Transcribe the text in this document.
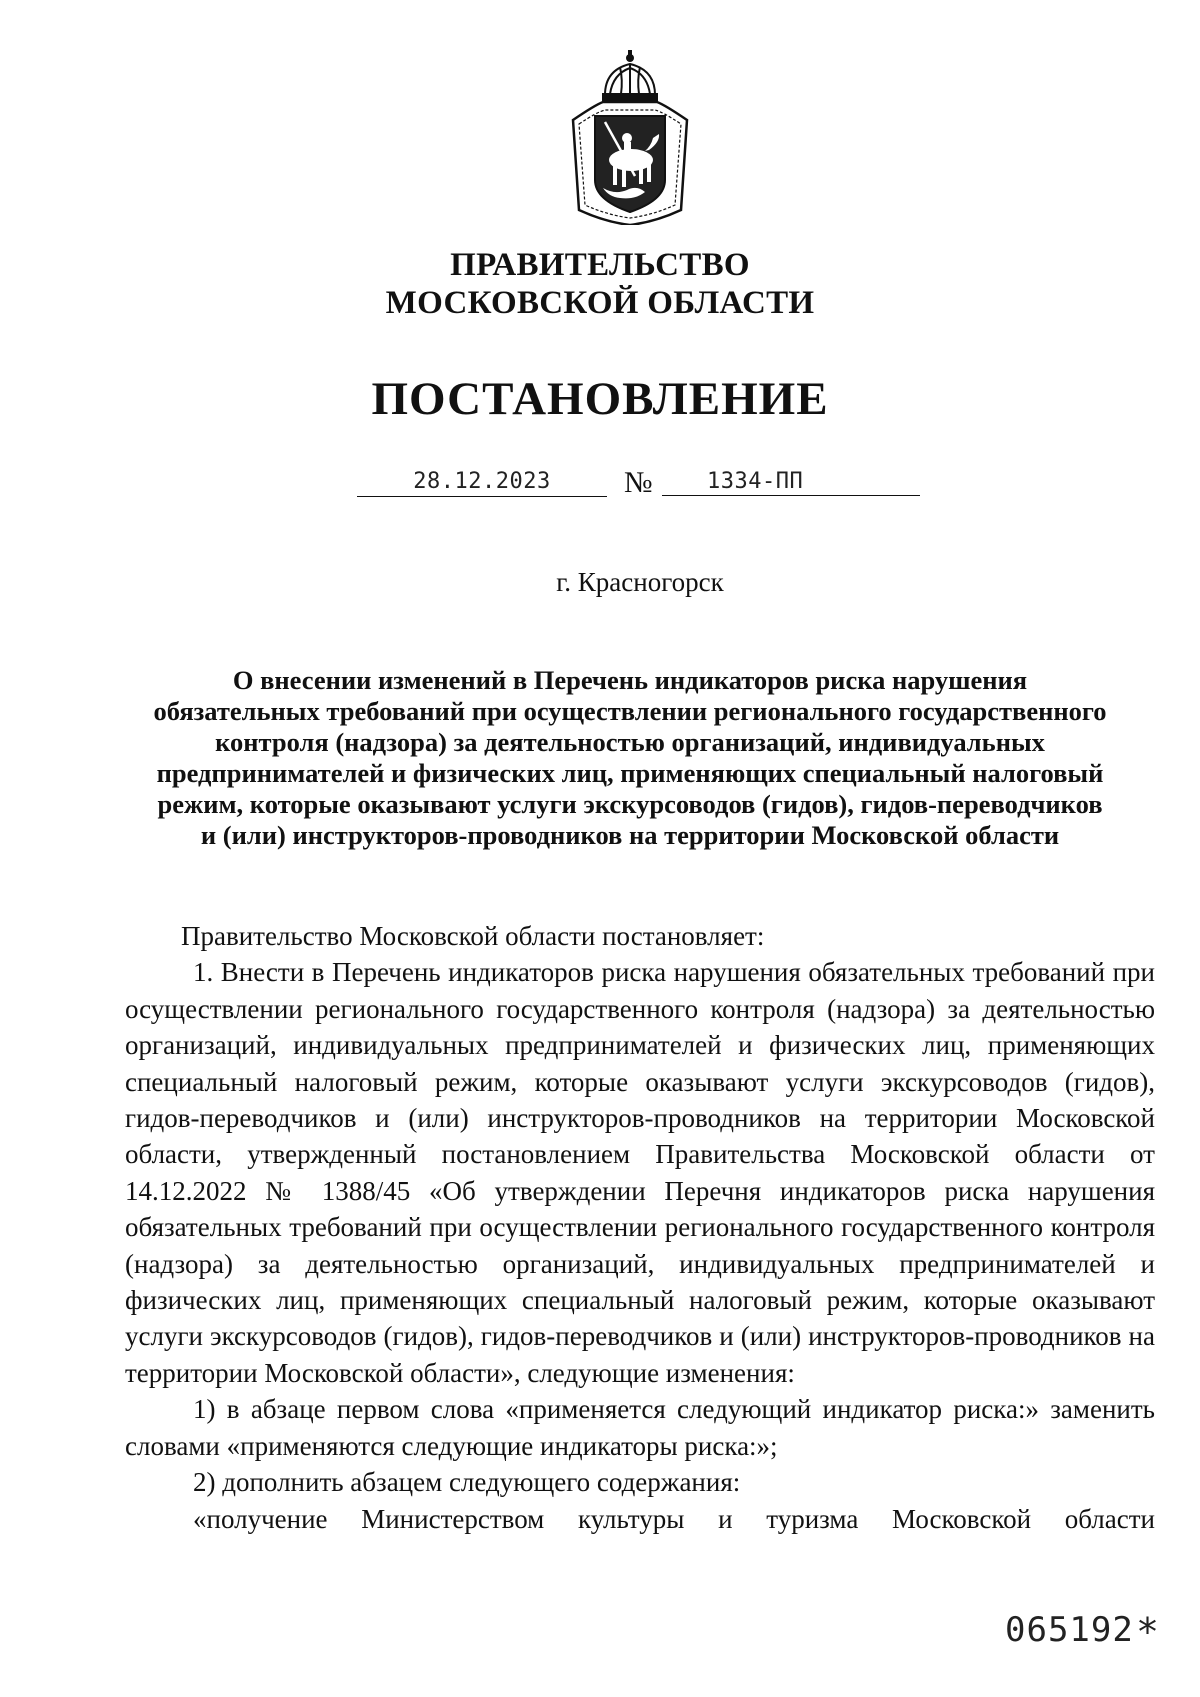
ПРАВИТЕЛЬСТВО
МОСКОВСКОЙ ОБЛАСТИ
ПОСТАНОВЛЕНИЕ
28.12.2023	№	1334-ПП
г. Красногорск
О внесении изменений в Перечень индикаторов риска нарушения
обязательных требований при осуществлении регионального государственного
контроля (надзора) за деятельностью организаций, индивидуальных
предпринимателей и физических лиц, применяющих специальный налоговый
режим, которые оказывают услуги экскурсоводов (гидов), гидов-переводчиков
и (или) инструкторов-проводников на территории Московской области

Правительство Московской области постановляет:

1. Внести в Перечень индикаторов риска нарушения обязательных требований при осуществлении регионального государственного контроля (надзора) за деятельностью организаций, индивидуальных предпринимателей и физических лиц, применяющих специальный налоговый режим, которые оказывают услуги экскурсоводов (гидов), гидов-переводчиков и (или) инструкторов-проводников на территории Московской области, утвержденный постановлением Правительства Московской области от 14.12.2022 № 1388/45 «Об утверждении Перечня индикаторов риска нарушения обязательных требований при осуществлении регионального государственного контроля (надзора) за деятельностью организаций, индивидуальных предпринимателей и физических лиц, применяющих специальный налоговый режим, которые оказывают услуги экскурсоводов (гидов), гидов-переводчиков и (или) инструкторов-проводников на территории Московской области», следующие изменения:

1) в абзаце первом слова «применяется следующий индикатор риска:» заменить словами «применяются следующие индикаторы риска:»;

2) дополнить абзацем следующего содержания:

«получение Министерством культуры и туризма Московской области

065192 *
